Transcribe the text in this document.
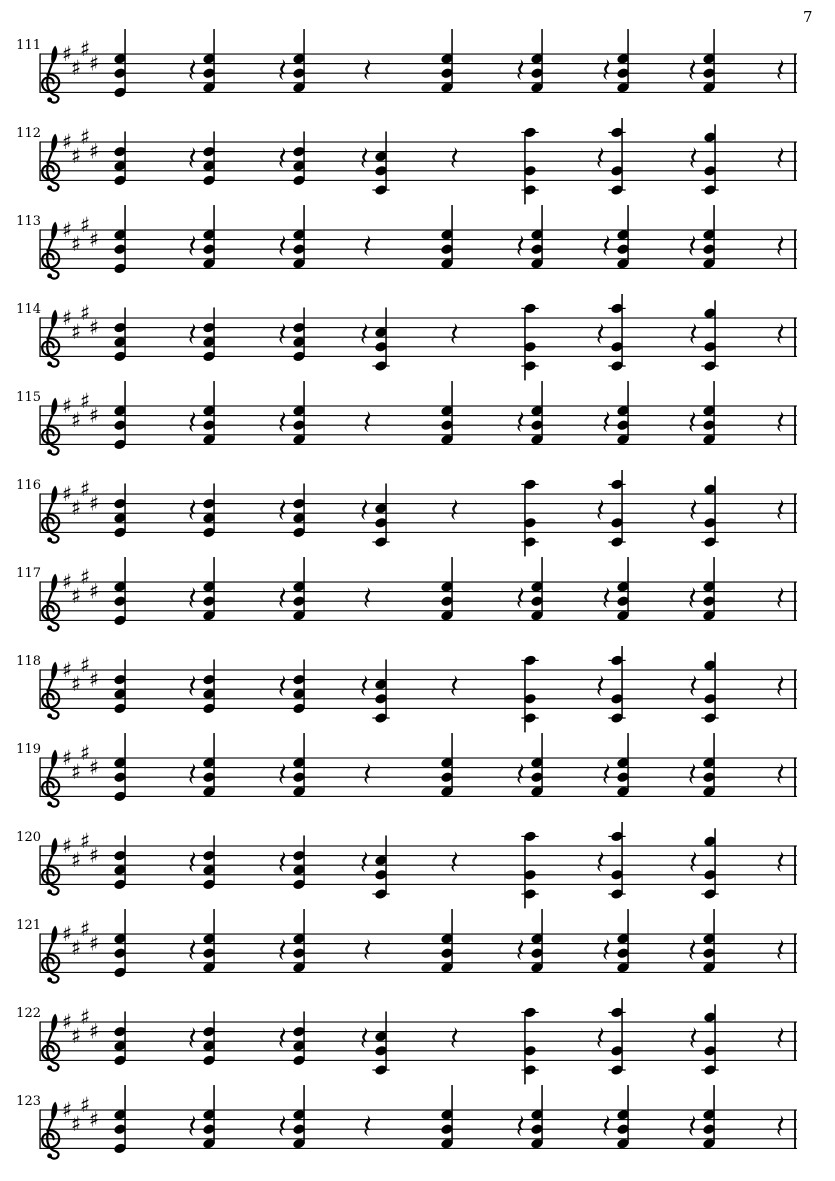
7
111 ♯
♯
♯
♯
112 ♯
♯
♯
♯
113 ♯
♯
♯
♯
114 ♯
♯
♯
♯
115 ♯
♯
♯
♯
116 ♯
♯
♯
♯
117 ♯
♯
♯
♯
118 ♯
♯
♯
♯
119 ♯
♯
♯
♯
120 ♯
♯
♯
♯
121 ♯
♯
♯
♯
122 ♯
♯
♯
♯
123 ♯
♯
♯
♯
